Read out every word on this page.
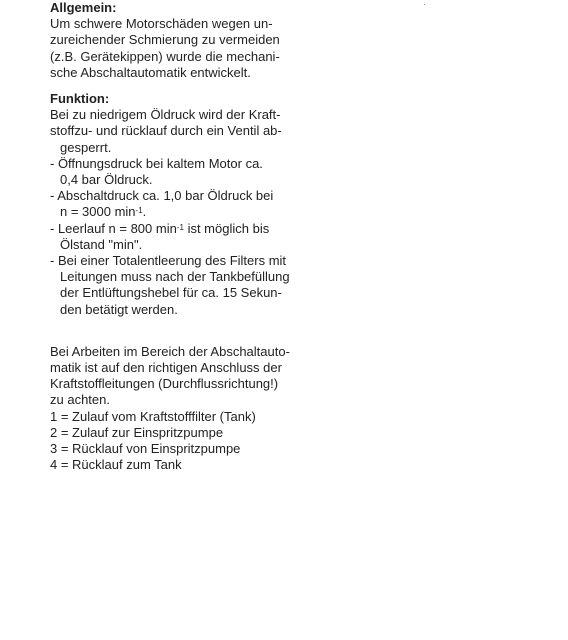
Allgemein:
Um schwere Motorschäden wegen un-
zureichender Schmierung zu vermeiden
(z.B. Gerätekippen) wurde die mechani-
sche Abschaltautomatik entwickelt.
Funktion:
Bei zu niedrigem Öldruck wird der Kraft-
stoffzu- und rücklauf durch ein Ventil ab-
gesperrt.
- Öffnungsdruck bei kaltem Motor ca.
0,4 bar Öldruck.
- Abschaltdruck ca. 1,0 bar Öldruck bei
n = 3000 $\min^{-1}$.
- Leerlauf n = 800 $\min^{-1}$ ist möglich bis
Ölstand "min".
- Bei einer Totalentleerung des Filters mit
Leitungen muss nach der Tankbefüllung
der Entlüftungshebel für ca. 15 Sekun-
den betätigt werden.
Bei Arbeiten im Bereich der Abschaltauto-
matik ist auf den richtigen Anschluss der
Kraftstoffleitungen (Durchflussrichtung!)
zu achten.
1 = Zulauf vom Kraftstofffilter (Tank)
2 = Zulauf zur Einspritzpumpe
3 = Rücklauf von Einspritzpumpe
4 = Rücklauf zum Tank
